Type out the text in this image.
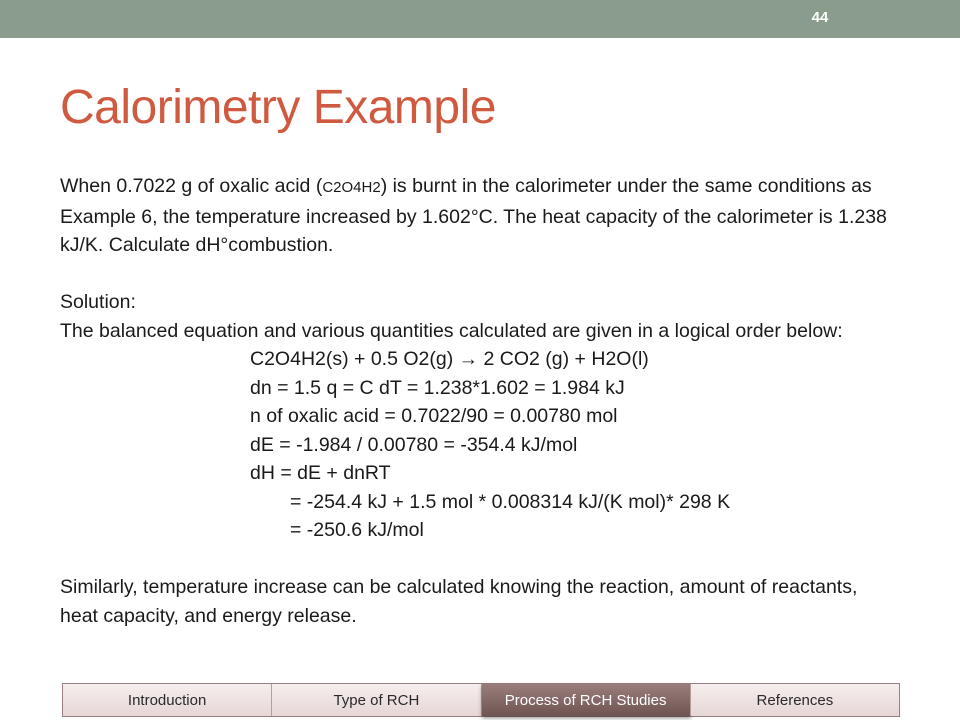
44
Calorimetry Example

When 0.7022 g of oxalic acid (C2O4H2) is burnt in the calorimeter under the same conditions as Example 6, the temperature increased by 1.602°C. The heat capacity of the calorimeter is 1.238 kJ/K. Calculate dH°combustion.

Solution:

The balanced equation and various quantities calculated are given in a logical order below:

C2O4H2(s) + 0.5 O2(g) → 2 CO2 (g) + H2O(l)

dn = 1.5 q = C dT = 1.238*1.602 = 1.984 kJ

n of oxalic acid = 0.7022/90 = 0.00780 mol

dE = -1.984 / 0.00780 = -354.4 kJ/mol

dH = dE + dnRT

= -254.4 kJ + 1.5 mol * 0.008314 kJ/(K mol)* 298 K

= -250.6 kJ/mol

Similarly, temperature increase can be calculated knowing the reaction, amount of reactants, heat capacity, and energy release.

Introduction	Type of RCH	Process of RCH Studies	References
